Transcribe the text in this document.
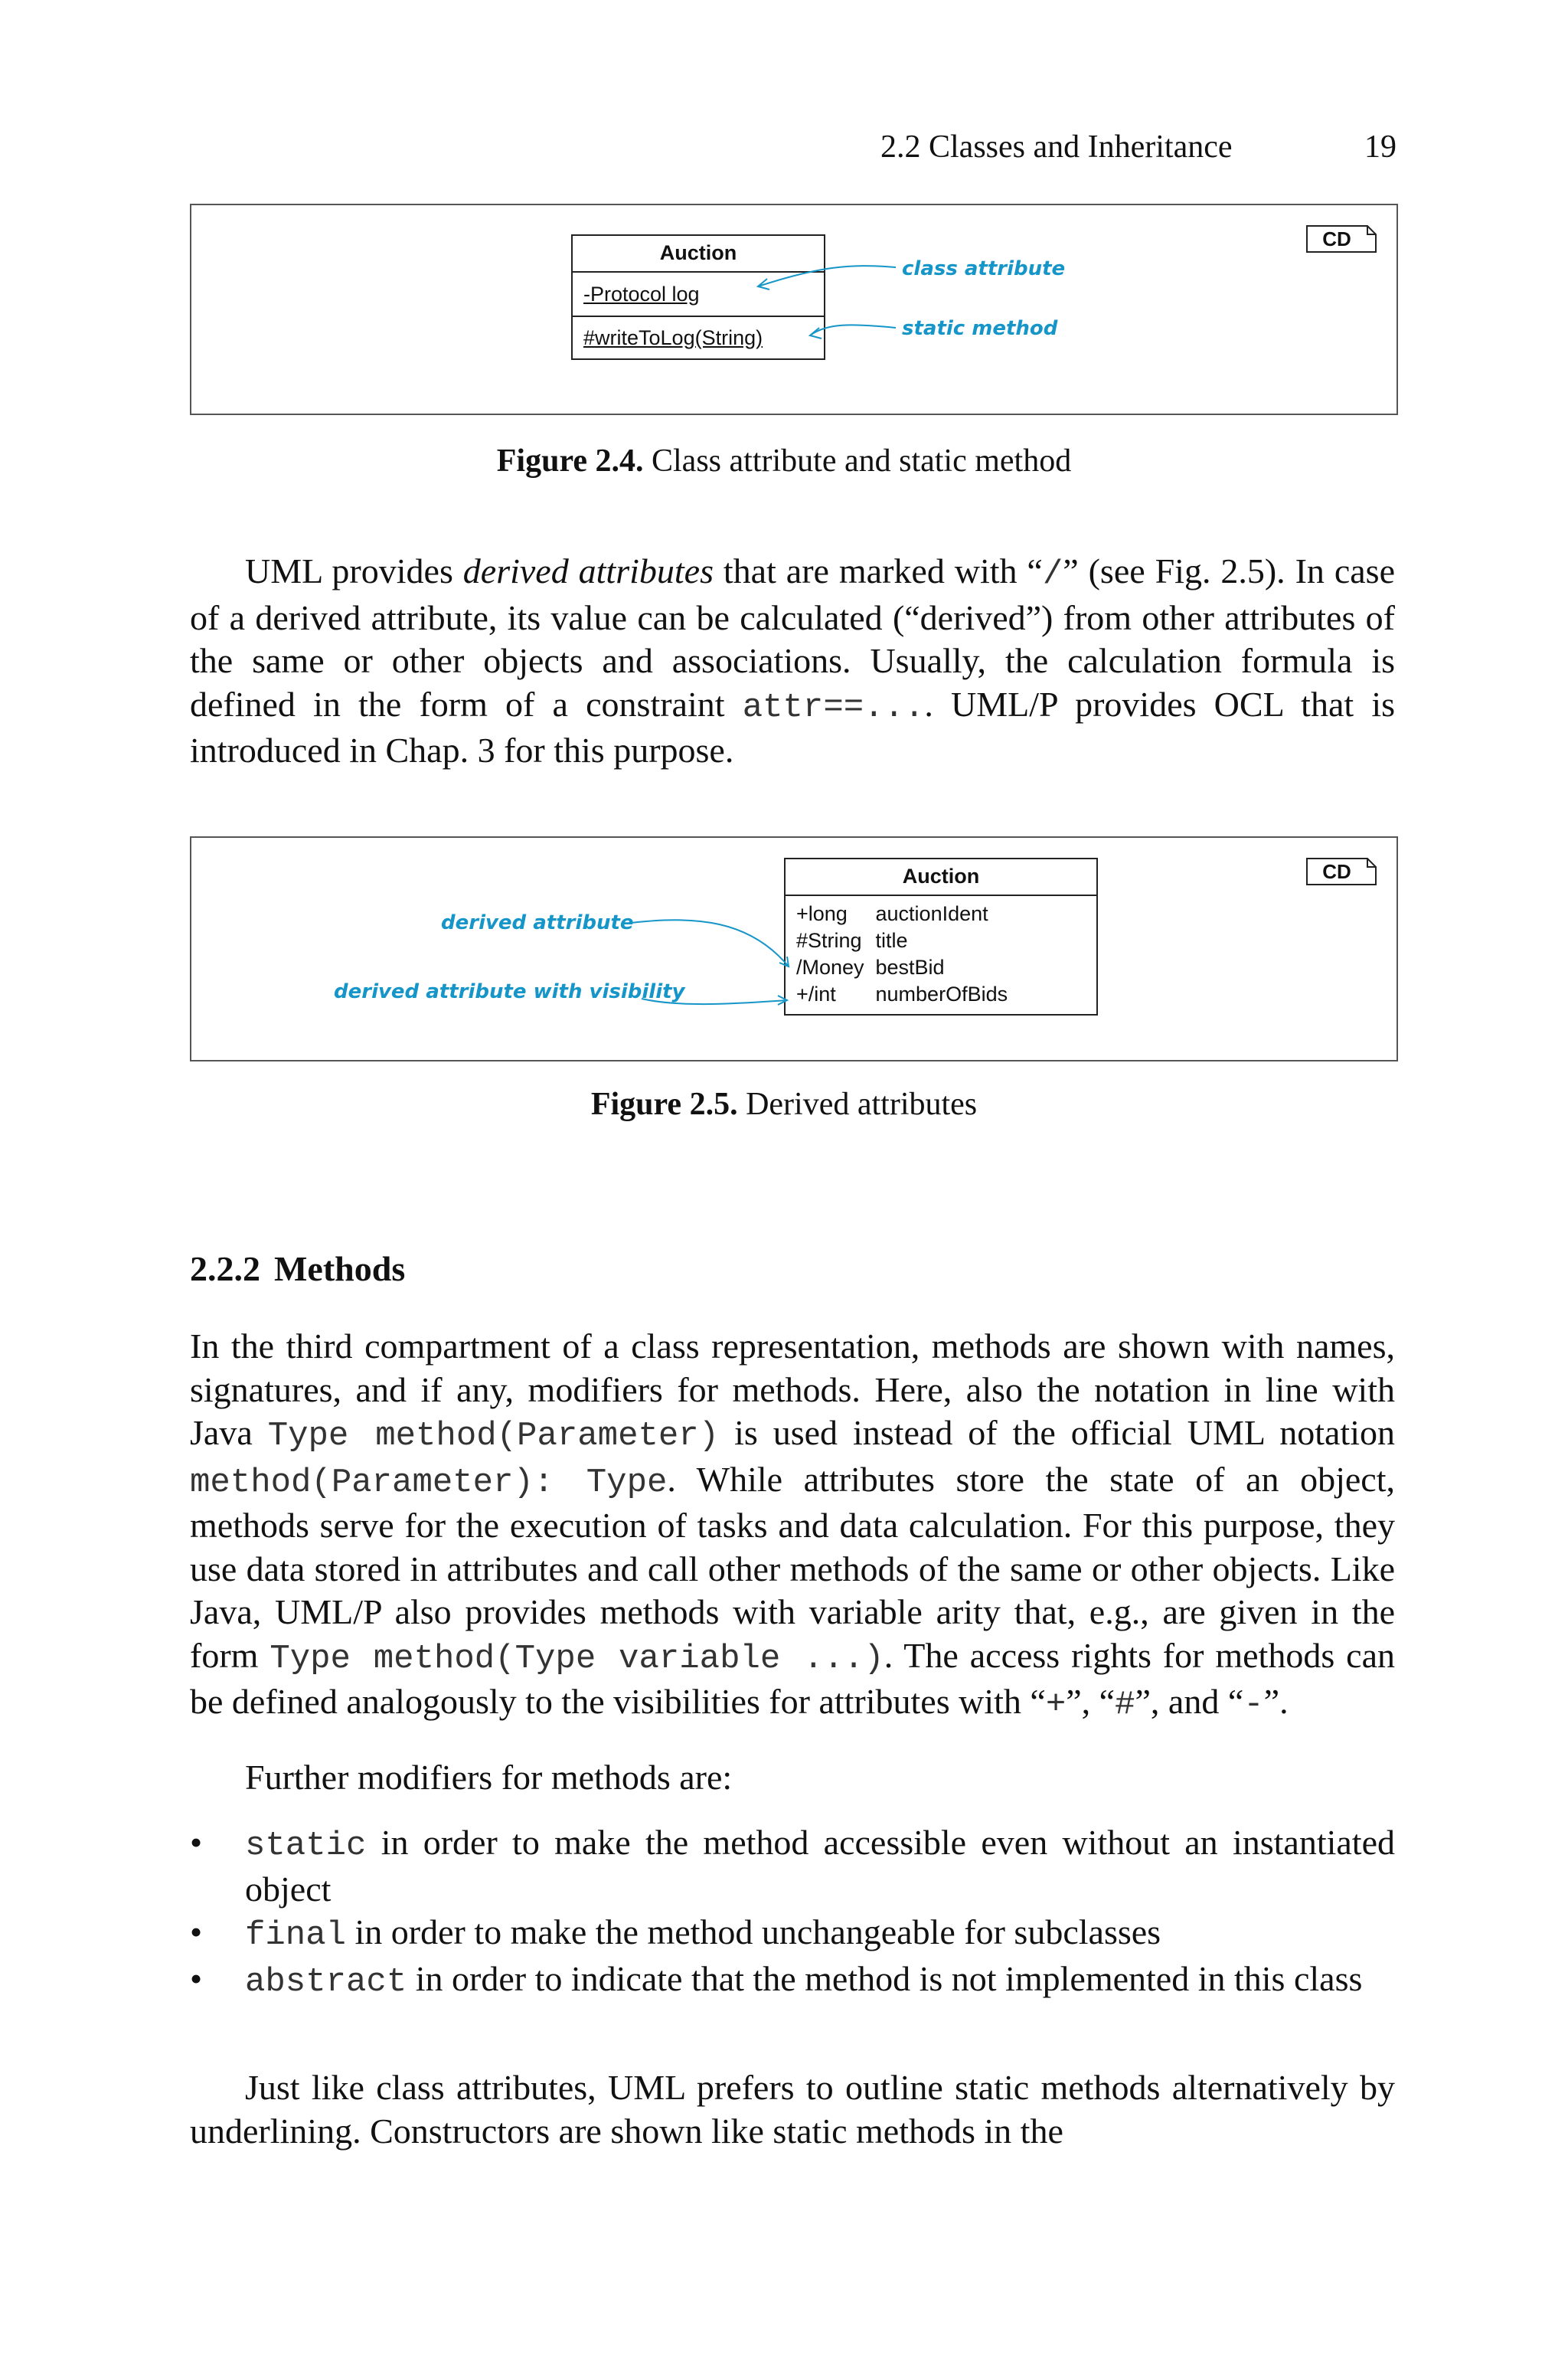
2.2 Classes and Inheritance	19
CD
Auction
-Protocol log
#writeToLog(String)
class attribute
static method
Figure 2.4. Class attribute and static method

UML provides derived attributes that are marked with “/” (see Fig. 2.5). In case of a derived attribute, its value can be calculated (“derived”) from other attributes of the same or other objects and associations. Usually, the calculation formula is defined in the form of a constraint attr==.... UML/P provides OCL that is introduced in Chap. 3 for this purpose.

CD
Auction
+long auctionIdent
#String title
/Money bestBid
+/int numberOfBids
derived attribute
derived attribute with visibility
Figure 2.5. Derived attributes
2.2.2 Methods

In the third compartment of a class representation, methods are shown with names, signatures, and if any, modifiers for methods. Here, also the notation in line with Java Type method(Parameter) is used instead of the official UML notation method(Parameter): Type. While attributes store the state of an object, methods serve for the execution of tasks and data calculation. For this purpose, they use data stored in attributes and call other methods of the same or other objects. Like Java, UML/P also provides methods with variable arity that, e.g., are given in the form Type method(Type variable ...). The access rights for methods can be defined analogously to the visibilities for attributes with “+”, “#”, and “-”.

Further modifiers for methods are:

• static in order to make the method accessible even without an instantiated object
• final in order to make the method unchangeable for subclasses
• abstract in order to indicate that the method is not implemented in this class

Just like class attributes, UML prefers to outline static methods alternatively by underlining. Constructors are shown like static methods in the
